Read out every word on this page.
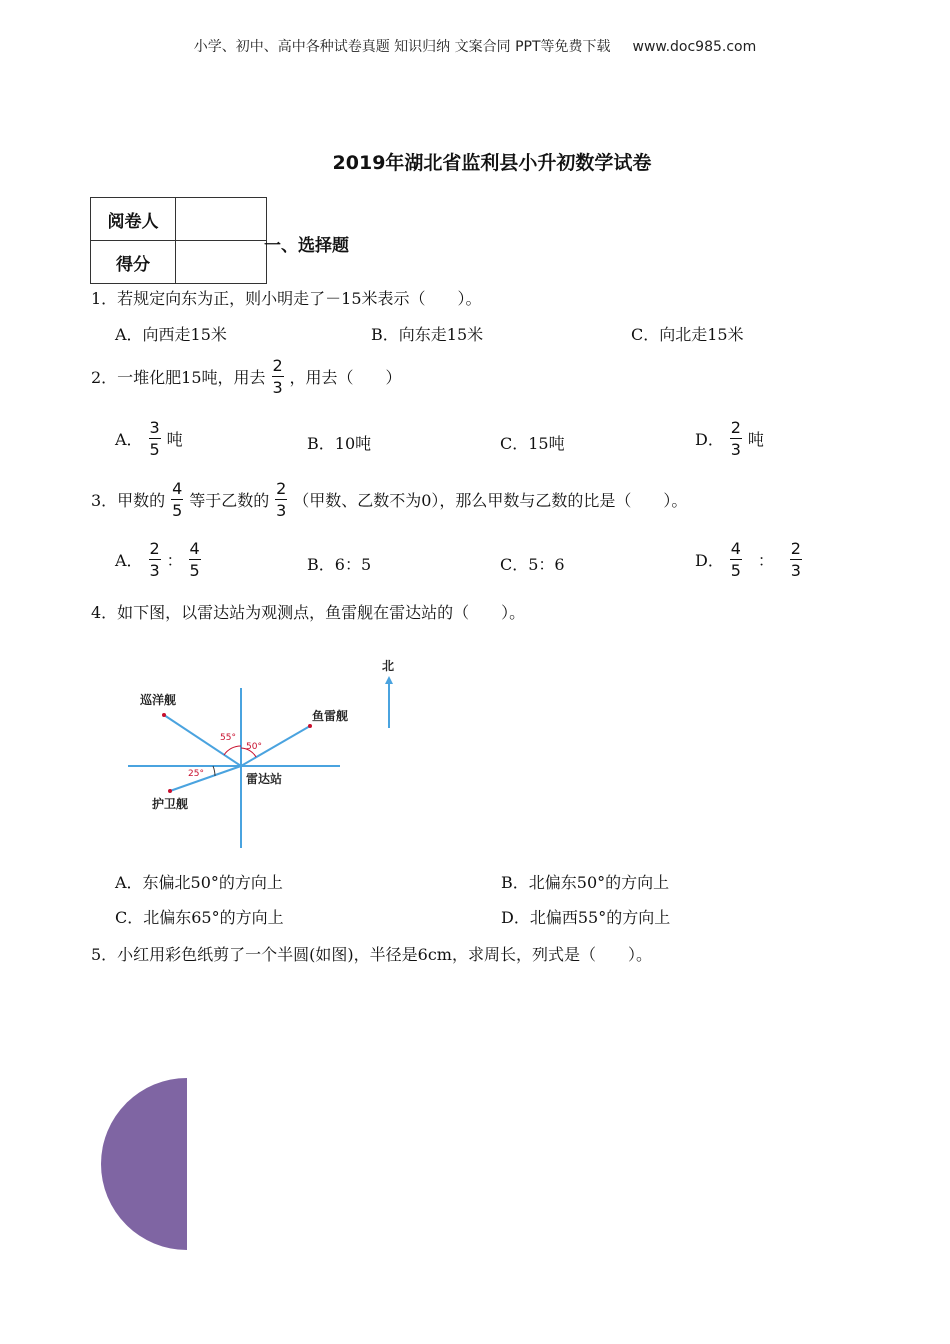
小学、初中、高中各种试卷真题 知识归纳 文案合同 PPT等免费下载 www.doc985.com
2019年湖北省监利县小升初数学试卷
阅卷人	
得分	
一、选择题
1．若规定向东为正，则小明走了－15米表示（　　）。
A．向西走15米	B．向东走15米	C．向北走15米
2．一堆化肥15吨，用去 $\frac{2}{3}$ ，用去（　　）
A． $\frac{3}{5}$ 吨	B．10吨	C．15吨	D． $\frac{2}{3}$ 吨
3．甲数的 $\frac{4}{5}$ 等于乙数的 $\frac{2}{3}$ （甲数、乙数不为0），那么甲数与乙数的比是（　　）。
A． $\frac{2}{3}$ ： $\frac{4}{5}$	B．6：5	C．5：6	D． $\frac{4}{5}$ ： $\frac{2}{3}$
4．如下图，以雷达站为观测点，鱼雷舰在雷达站的（　　）。
巡洋舰
鱼雷舰
雷达站
护卫舰
55°
50°
25°
北
A．东偏北50°的方向上	B．北偏东50°的方向上
C．北偏东65°的方向上	D．北偏西55°的方向上
5．小红用彩色纸剪了一个半圆(如图)，半径是6cm，求周长，列式是（　　）。
